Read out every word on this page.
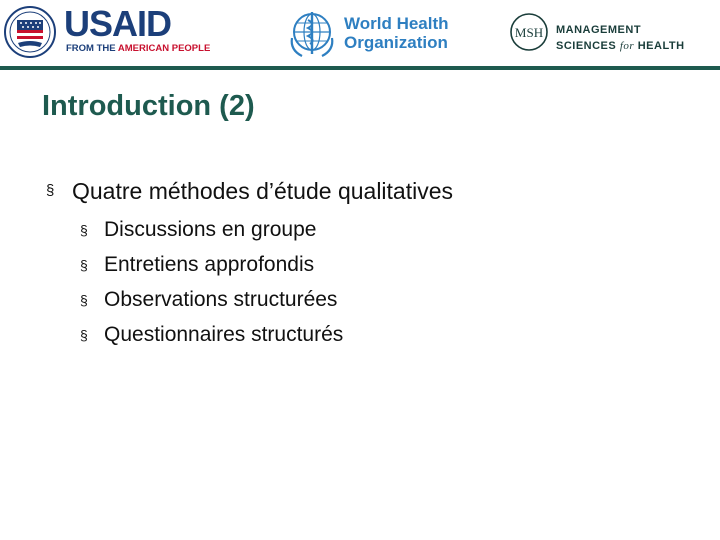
USAID
FROM THE AMERICAN PEOPLE
World Health
Organization
MSH MANAGEMENT
SCIENCES for HEALTH
Introduction (2)
§ Quatre méthodes d’étude qualitatives
§ Discussions en groupe
§ Entretiens approfondis
§ Observations structurées
§ Questionnaires structurés
